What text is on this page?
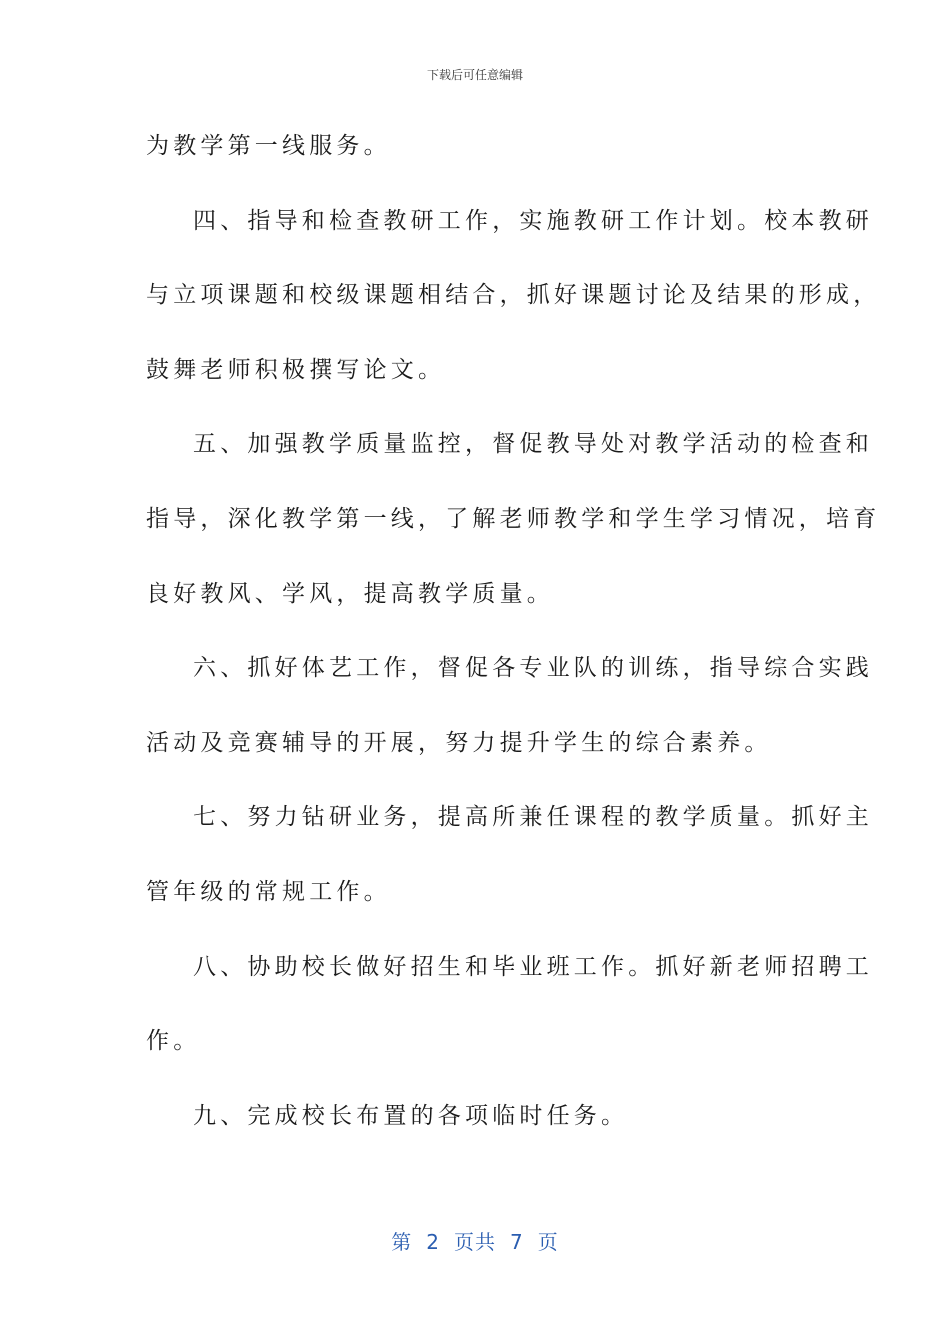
下载后可任意编辑
为教学第一线服务。
四、指导和检查教研工作，实施教研工作计划。校本教研
与立项课题和校级课题相结合，抓好课题讨论及结果的形成，
鼓舞老师积极撰写论文。
五、加强教学质量监控，督促教导处对教学活动的检查和
指导，深化教学第一线，了解老师教学和学生学习情况，培育
良好教风、学风，提高教学质量。
六、抓好体艺工作，督促各专业队的训练，指导综合实践
活动及竞赛辅导的开展，努力提升学生的综合素养。
七、努力钻研业务，提高所兼任课程的教学质量。抓好主
管年级的常规工作。
八、协助校长做好招生和毕业班工作。抓好新老师招聘工
作。
九、完成校长布置的各项临时任务。
第 2 页共 7 页
